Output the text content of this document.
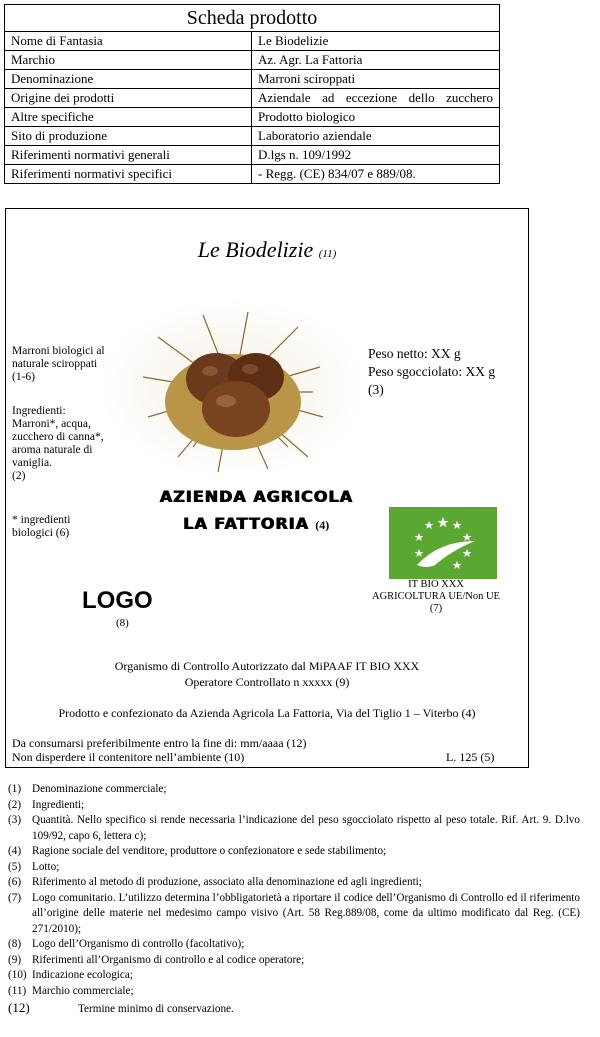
Scheda prodotto	
Nome di Fantasia	Le Biodelizie
Marchio	Az. Agr. La Fattoria
Denominazione	Marroni sciroppati
Origine dei prodotti	Aziendale ad eccezione dello zucchero
Altre specifiche	Prodotto biologico
Sito di produzione	Laboratorio aziendale
Riferimenti normativi generali	D.lgs n. 109/1992
Riferimenti normativi specifici	- Regg. (CE) 834/07 e 889/08.
Le Biodelizie (11)
Marroni biologici al
naturale sciroppati
(1-6)
Ingredienti:
Marroni*, acqua,
zucchero di canna*,
aroma naturale di
vaniglia.
(2)
* ingredienti
biologici (6)
Peso netto: XX g
Peso sgocciolato: XX g
(3)
AZIENDA AGRICOLA
LA FATTORIA (4)
IT BIO XXX
AGRICOLTURA UE/Non UE
(7)
LOGO
(8)
Organismo di Controllo Autorizzato dal MiPAAF IT BIO XXX
Operatore Controllato n xxxxx (9)
Prodotto e confezionato da Azienda Agricola La Fattoria, Via del Tiglio 1 – Viterbo (4)
Da consumarsi preferibilmente entro la fine di: mm/aaaa (12)
Non disperdere il contenitore nell’ambiente (10)	L. 125 (5)
(1) Denominazione commerciale;
(2) Ingredienti;
(3) Quantità. Nello specifico si rende necessaria l’indicazione del peso sgocciolato rispetto al peso totale. Rif. Art. 9. D.lvo 109/92, capo 6, lettera c);
(4) Ragione sociale del venditore, produttore o confezionatore e sede stabilimento;
(5) Lotto;
(6) Riferimento al metodo di produzione, associato alla denominazione ed agli ingredienti;
(7) Logo comunitario. L’utilizzo determina l’obbligatorietà a riportare il codice dell’Organismo di Controllo ed il riferimento all’origine delle materie nel medesimo campo visivo (Art. 58 Reg.889/08, come da ultimo modificato dal Reg. (CE) 271/2010);
(8) Logo dell’Organismo di controllo (facoltativo);
(9) Riferimenti all’Organismo di controllo e al codice operatore;
(10) Indicazione ecologica;
(11) Marchio commerciale;
(12)	Termine minimo di conservazione.
